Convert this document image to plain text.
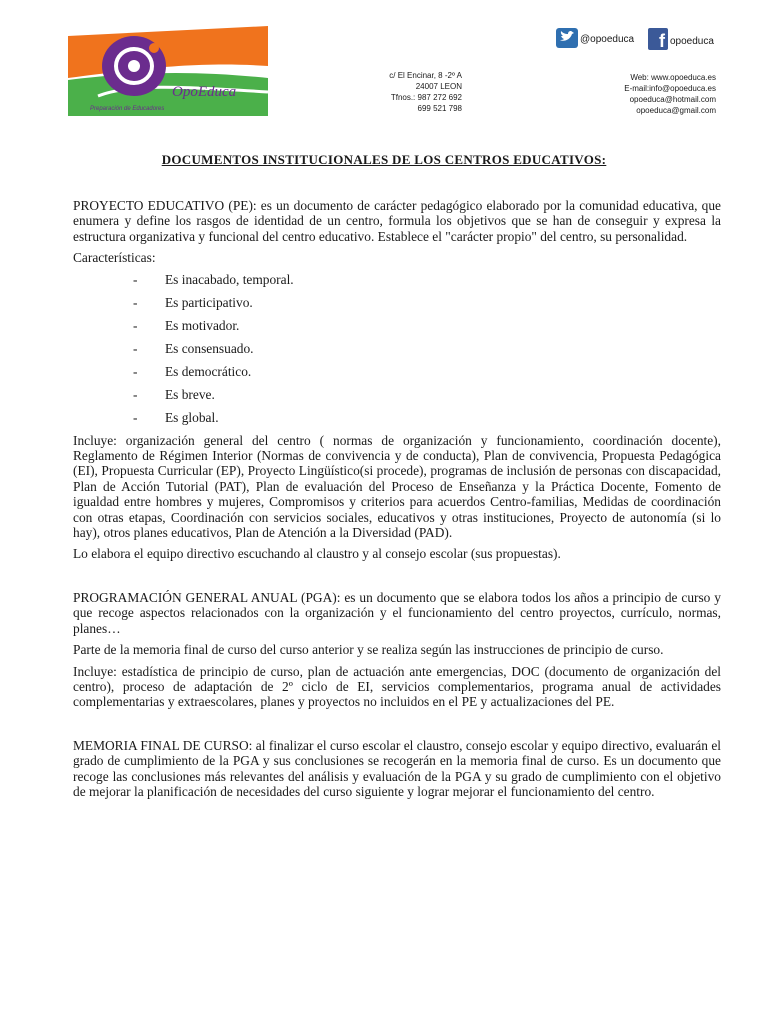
OpoEduca
Preparación de Educadores
c/ El Encinar, 8 -2º A
24007 LEON
Tfnos.: 987 272 692
699 521 798
@opoeduca f opoeduca
Web: www.opoeduca.es
E-mail:info@opoeduca.es
opoeduca@hotmail.com
opoeduca@gmail.com
DOCUMENTOS INSTITUCIONALES DE LOS CENTROS EDUCATIVOS:

PROYECTO EDUCATIVO (PE): es un documento de carácter pedagógico elaborado por la comunidad educativa, que enumera y define los rasgos de identidad de un centro, formula los objetivos que se han de conseguir y expresa la estructura organizativa y funcional del centro educativo. Establece el "carácter propio" del centro, su personalidad.

Características:

-	Es inacabado, temporal.
-	Es participativo.
-	Es motivador.
-	Es consensuado.
-	Es democrático.
-	Es breve.
-	Es global.

Incluye: organización general del centro ( normas de organización y funcionamiento, coordinación docente), Reglamento de Régimen Interior (Normas de convivencia y de conducta), Plan de convivencia, Propuesta Pedagógica (EI), Propuesta Curricular (EP), Proyecto Lingüístico(si procede), programas de inclusión de personas con discapacidad, Plan de Acción Tutorial (PAT), Plan de evaluación del Proceso de Enseñanza y la Práctica Docente, Fomento de igualdad entre hombres y mujeres, Compromisos y criterios para acuerdos Centro-familias, Medidas de coordinación con otras etapas, Coordinación con servicios sociales, educativos y otras instituciones, Proyecto de autonomía (si lo hay), otros planes educativos, Plan de Atención a la Diversidad (PAD).

Lo elabora el equipo directivo escuchando al claustro y al consejo escolar (sus propuestas).

PROGRAMACIÓN GENERAL ANUAL (PGA): es un documento que se elabora todos los años a principio de curso y que recoge aspectos relacionados con la organización y el funcionamiento del centro proyectos, currículo, normas, planes…

Parte de la memoria final de curso del curso anterior y se realiza según las instrucciones de principio de curso.

Incluye: estadística de principio de curso, plan de actuación ante emergencias, DOC (documento de organización del centro), proceso de adaptación de 2º ciclo de EI, servicios complementarios, programa anual de actividades complementarias y extraescolares, planes y proyectos no incluidos en el PE y actualizaciones del PE.

MEMORIA FINAL DE CURSO: al finalizar el curso escolar el claustro, consejo escolar y equipo directivo, evaluarán el grado de cumplimiento de la PGA y sus conclusiones se recogerán en la memoria final de curso. Es un documento que recoge las conclusiones más relevantes del análisis y evaluación de la PGA y su grado de cumplimiento con el objetivo de mejorar la planificación de necesidades del curso siguiente y lograr mejorar el funcionamiento del centro.
